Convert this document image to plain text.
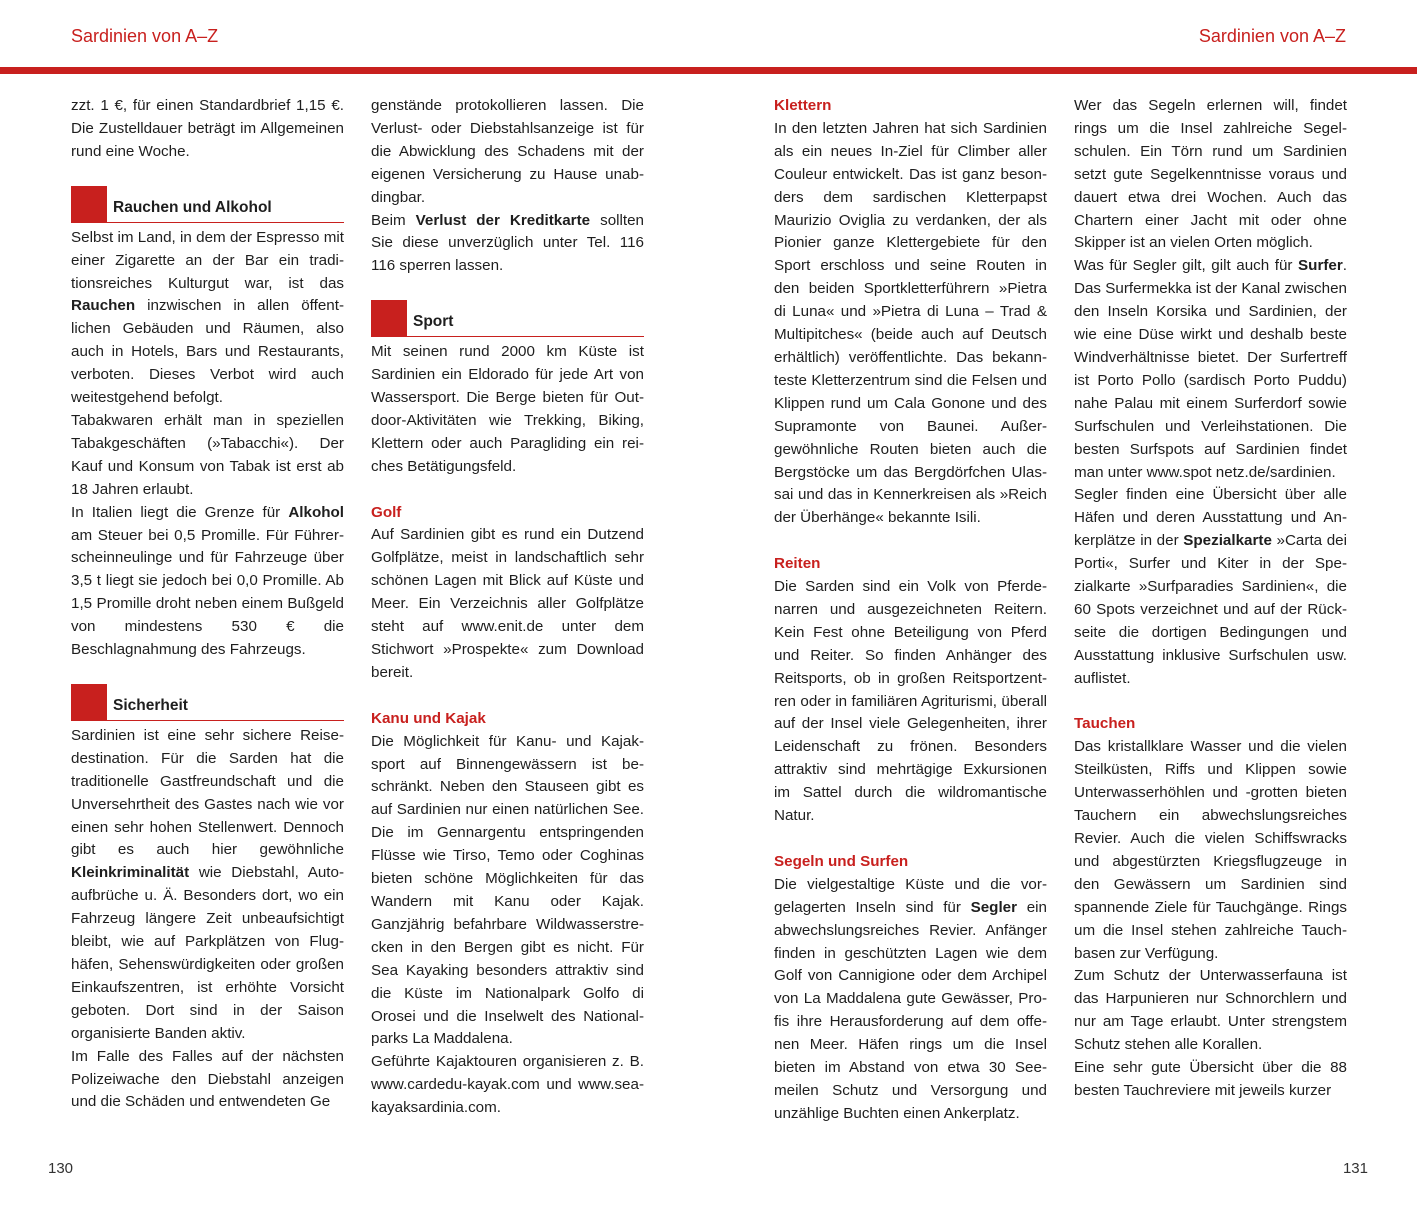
Sardinien von A–Z	Sardinien von A–Z

zzt. 1 €, für einen Standardbrief 1,15 €. Die Zustelldauer beträgt im Allgemeinen rund eine Woche.

Rauchen und Alkohol

Selbst im Land, in dem der Espresso mit einer Zigarette an der Bar ein traditionsreiches Kulturgut war, ist das Rauchen inzwischen in allen öffentlichen Gebäuden und Räumen, also auch in Hotels, Bars und Restaurants, verboten. Dieses Verbot wird auch weitestgehend befolgt.

Tabakwaren erhält man in speziellen Tabakgeschäften (»Tabacchi«). Der Kauf und Konsum von Tabak ist erst ab 18 Jahren erlaubt.

In Italien liegt die Grenze für Alkohol am Steuer bei 0,5 Promille. Für Führerscheinneulinge und für Fahrzeuge über 3,5 t liegt sie jedoch bei 0,0 Promille. Ab 1,5 Promille droht neben einem Bußgeld von mindestens 530 € die Beschlagnahmung des Fahrzeugs.

Sicherheit

Sardinien ist eine sehr sichere Reisedestination. Für die Sarden hat die traditionelle Gastfreundschaft und die Unversehrtheit des Gastes nach wie vor einen sehr hohen Stellenwert. Dennoch gibt es auch hier gewöhnliche Kleinkriminalität wie Diebstahl, Autoaufbrüche u. Ä. Besonders dort, wo ein Fahrzeug längere Zeit unbeaufsichtigt bleibt, wie auf Parkplätzen von Flughäfen, Sehenswürdigkeiten oder großen Einkaufszentren, ist erhöhte Vorsicht geboten. Dort sind in der Saison organisierte Banden aktiv.

Im Falle des Falles auf der nächsten Polizeiwache den Diebstahl anzeigen und die Schäden und entwendeten Ge

genstände protokollieren lassen. Die Verlust- oder Diebstahlsanzeige ist für die Abwicklung des Schadens mit der eigenen Versicherung zu Hause unabdingbar.

Beim Verlust der Kreditkarte sollten Sie diese unverzüglich unter Tel. 116 116 sperren lassen.

Sport

Mit seinen rund 2000 km Küste ist Sardinien ein Eldorado für jede Art von Wassersport. Die Berge bieten für Outdoor-Aktivitäten wie Trekking, Biking, Klettern oder auch Paragliding ein reiches Betätigungsfeld.

Golf

Auf Sardinien gibt es rund ein Dutzend Golfplätze, meist in landschaftlich sehr schönen Lagen mit Blick auf Küste und Meer. Ein Verzeichnis aller Golfplätze steht auf www.enit.de unter dem Stichwort »Prospekte« zum Download bereit.

Kanu und Kajak

Die Möglichkeit für Kanu- und Kajaksport auf Binnengewässern ist beschränkt. Neben den Stauseen gibt es auf Sardinien nur einen natürlichen See. Die im Gennargentu entspringenden Flüsse wie Tirso, Temo oder Coghinas bieten schöne Möglichkeiten für das Wandern mit Kanu oder Kajak. Ganzjährig befahrbare Wildwasserstrecken in den Bergen gibt es nicht. Für Sea Kayaking besonders attraktiv sind die Küste im Nationalpark Golfo di Orosei und die Inselwelt des Nationalparks La Maddalena.

Geführte Kajaktouren organisieren z. B. www.cardedu-kayak.com und www.seakayaksardinia.com.

Klettern

In den letzten Jahren hat sich Sardinien als ein neues In-Ziel für Climber aller Couleur entwickelt. Das ist ganz besonders dem sardischen Kletterpapst Maurizio Oviglia zu verdanken, der als Pionier ganze Klettergebiete für den Sport erschloss und seine Routen in den beiden Sportkletterführern »Pietra di Luna« und »Pietra di Luna – Trad & Multipitches« (beide auch auf Deutsch erhältlich) veröffentlichte. Das bekannteste Kletterzentrum sind die Felsen und Klippen rund um Cala Gonone und des Supramonte von Baunei. Außergewöhnliche Routen bieten auch die Bergstöcke um das Bergdörfchen Ulassai und das in Kennerkreisen als »Reich der Überhänge« bekannte Isili.

Reiten

Die Sarden sind ein Volk von Pferdenarren und ausgezeichneten Reitern. Kein Fest ohne Beteiligung von Pferd und Reiter. So finden Anhänger des Reitsports, ob in großen Reitsportzentren oder in familiären Agriturismi, überall auf der Insel viele Gelegenheiten, ihrer Leidenschaft zu frönen. Besonders attraktiv sind mehrtägige Exkursionen im Sattel durch die wildromantische Natur.

Segeln und Surfen

Die vielgestaltige Küste und die vorgelagerten Inseln sind für Segler ein abwechslungsreiches Revier. Anfänger finden in geschützten Lagen wie dem Golf von Cannigione oder dem Archipel von La Maddalena gute Gewässer, Profis ihre Herausforderung auf dem offenen Meer. Häfen rings um die Insel bieten im Abstand von etwa 30 Seemeilen Schutz und Versorgung und unzählige Buchten einen Ankerplatz.

Wer das Segeln erlernen will, findet rings um die Insel zahlreiche Segelschulen. Ein Törn rund um Sardinien setzt gute Segelkenntnisse voraus und dauert etwa drei Wochen. Auch das Chartern einer Jacht mit oder ohne Skipper ist an vielen Orten möglich.

Was für Segler gilt, gilt auch für Surfer. Das Surfermekka ist der Kanal zwischen den Inseln Korsika und Sardinien, der wie eine Düse wirkt und deshalb beste Windverhältnisse bietet. Der Surfertreff ist Porto Pollo (sardisch Porto Puddu) nahe Palau mit einem Surferdorf sowie Surfschulen und Verleihstationen. Die besten Surfspots auf Sardinien findet man unter www.spot netz.de/sardinien.

Segler finden eine Übersicht über alle Häfen und deren Ausstattung und Ankerplätze in der Spezialkarte »Carta dei Porti«, Surfer und Kiter in der Spezialkarte »Surfparadies Sardinien«, die 60 Spots verzeichnet und auf der Rückseite die dortigen Bedingungen und Ausstattung inklusive Surfschulen usw. auflistet.

Tauchen

Das kristallklare Wasser und die vielen Steilküsten, Riffs und Klippen sowie Unterwasserhöhlen und -grotten bieten Tauchern ein abwechslungsreiches Revier. Auch die vielen Schiffswracks und abgestürzten Kriegsflugzeuge in den Gewässern um Sardinien sind spannende Ziele für Tauchgänge. Rings um die Insel stehen zahlreiche Tauchbasen zur Verfügung.

Zum Schutz der Unterwasserfauna ist das Harpunieren nur Schnorchlern und nur am Tage erlaubt. Unter strengstem Schutz stehen alle Korallen.

Eine sehr gute Übersicht über die 88 besten Tauchreviere mit jeweils kurzer

130	131
